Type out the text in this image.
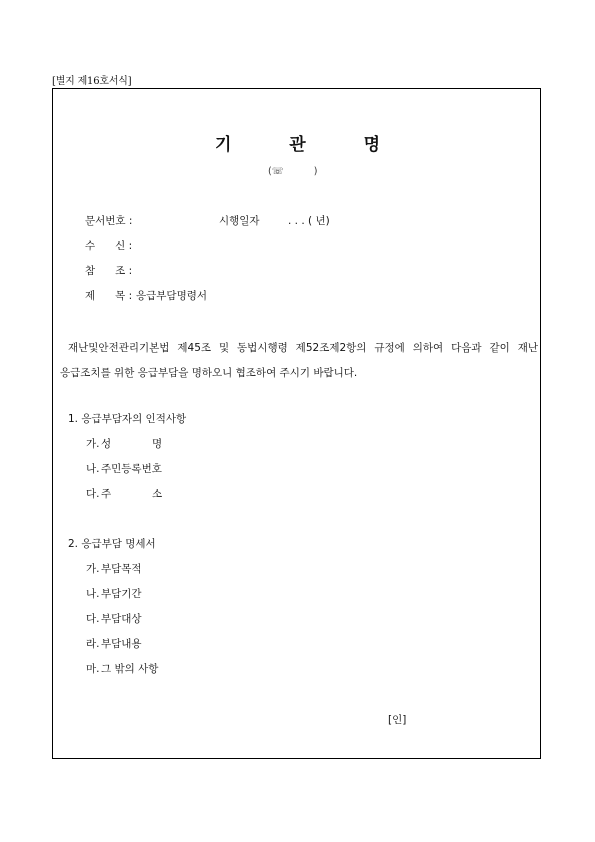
[별지 제16호서식]
기 관 명
(☏          )
문서번호 :	시행일자	. . . ( 년)
수      신 :
참      조 :
제      목 : 응급부담명령서
재난및안전관리기본법 제45조 및 동법시행령 제52조제2항의 규정에 의하여 다음과 같이 재난
응급조치를 위한 응급부담을 명하오니 협조하여 주시기 바랍니다.
1. 응급부담자의 인적사항
가. 성	명
나. 주민등록번호
다. 주	소
2. 응급부담 명세서
가. 부담목적
나. 부담기간
다. 부담대상
라. 부담내용
마. 그 밖의 사항
[인]
